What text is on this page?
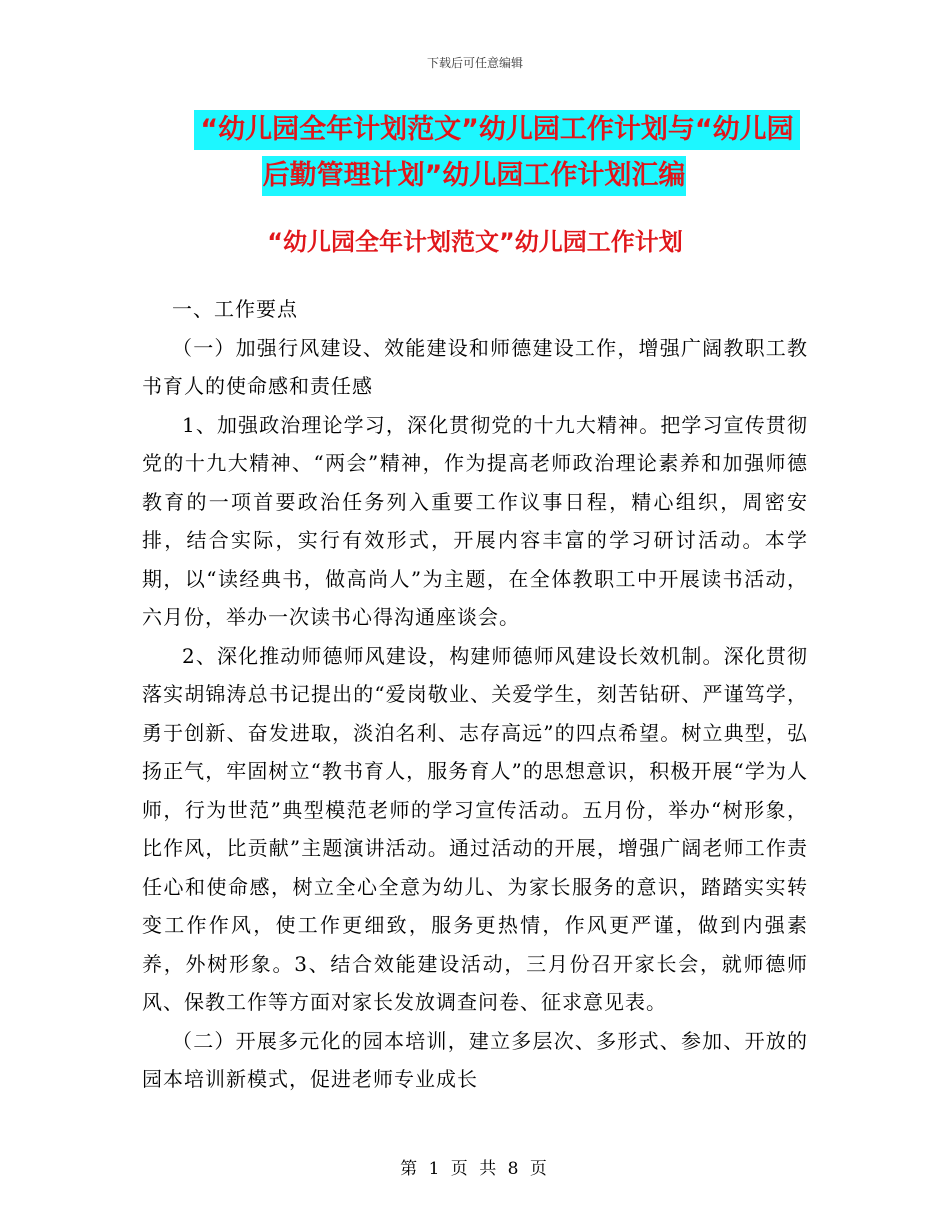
下载后可任意编辑
“幼儿园全年计划范文”幼儿园工作计划与“幼儿园
后勤管理计划”幼儿园工作计划汇编
“幼儿园全年计划范文”幼儿园工作计划

一、工作要点

（一）加强行风建设、效能建设和师德建设工作，增强广阔教职工教书育人的使命感和责任感

1、加强政治理论学习，深化贯彻党的十九大精神。把学习宣传贯彻党的十九大精神、“两会”精神，作为提高老师政治理论素养和加强师德教育的一项首要政治任务列入重要工作议事日程，精心组织，周密安排，结合实际，实行有效形式，开展内容丰富的学习研讨活动。本学期，以“读经典书，做高尚人”为主题，在全体教职工中开展读书活动，六月份，举办一次读书心得沟通座谈会。

2、深化推动师德师风建设，构建师德师风建设长效机制。深化贯彻落实胡锦涛总书记提出的“爱岗敬业、关爱学生，刻苦钻研、严谨笃学，勇于创新、奋发进取，淡泊名利、志存高远”的四点希望。树立典型，弘扬正气，牢固树立“教书育人，服务育人”的思想意识，积极开展“学为人师，行为世范”典型模范老师的学习宣传活动。五月份，举办“树形象，比作风，比贡献”主题演讲活动。通过活动的开展，增强广阔老师工作责任心和使命感，树立全心全意为幼儿、为家长服务的意识，踏踏实实转变工作作风，使工作更细致，服务更热情，作风更严谨，做到内强素养，外树形象。3、结合效能建设活动，三月份召开家长会，就师德师风、保教工作等方面对家长发放调查问卷、征求意见表。

（二）开展多元化的园本培训，建立多层次、多形式、参加、开放的园本培训新模式，促进老师专业成长

第 1 页 共 8 页
